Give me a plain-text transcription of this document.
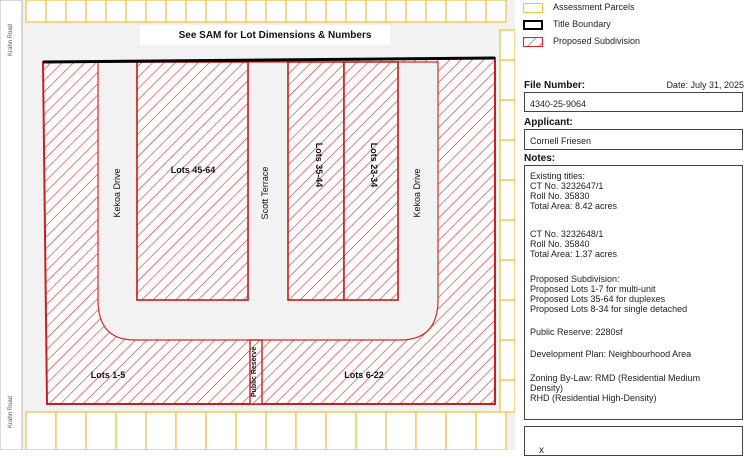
See SAM for Lot Dimensions & Numbers
Krahn Road
Krahn Road
Kekoa Drive	Scott Terrace	Kekoa Drive
Lots 45-64	Lots 35-44	Lots 23-34
Lots 1-5	Lots 6-22
Public Reserve
Assessment Parcels
Title Boundary
Proposed Subdivision
File Number:	Date: July 31, 2025
4340-25-9064
Applicant:
Cornell Friesen
Notes:
Existing titles:
CT No. 3232647/1
Roll No. 35830
Total Area: 8.42 acres
CT No. 3232648/1
Roll No. 35840
Total Area: 1.37 acres
Proposed Subdivision:
Proposed Lots 1-7 for multi-unit
Proposed Lots 35-64 for duplexes
Proposed Lots 8-34 for single detached
Public Reserve: 2280sf
Development Plan: Neighbourhood Area
Zoning By-Law: RMD (Residential Medium
Density)
RHD (Residential High-Density)
x
